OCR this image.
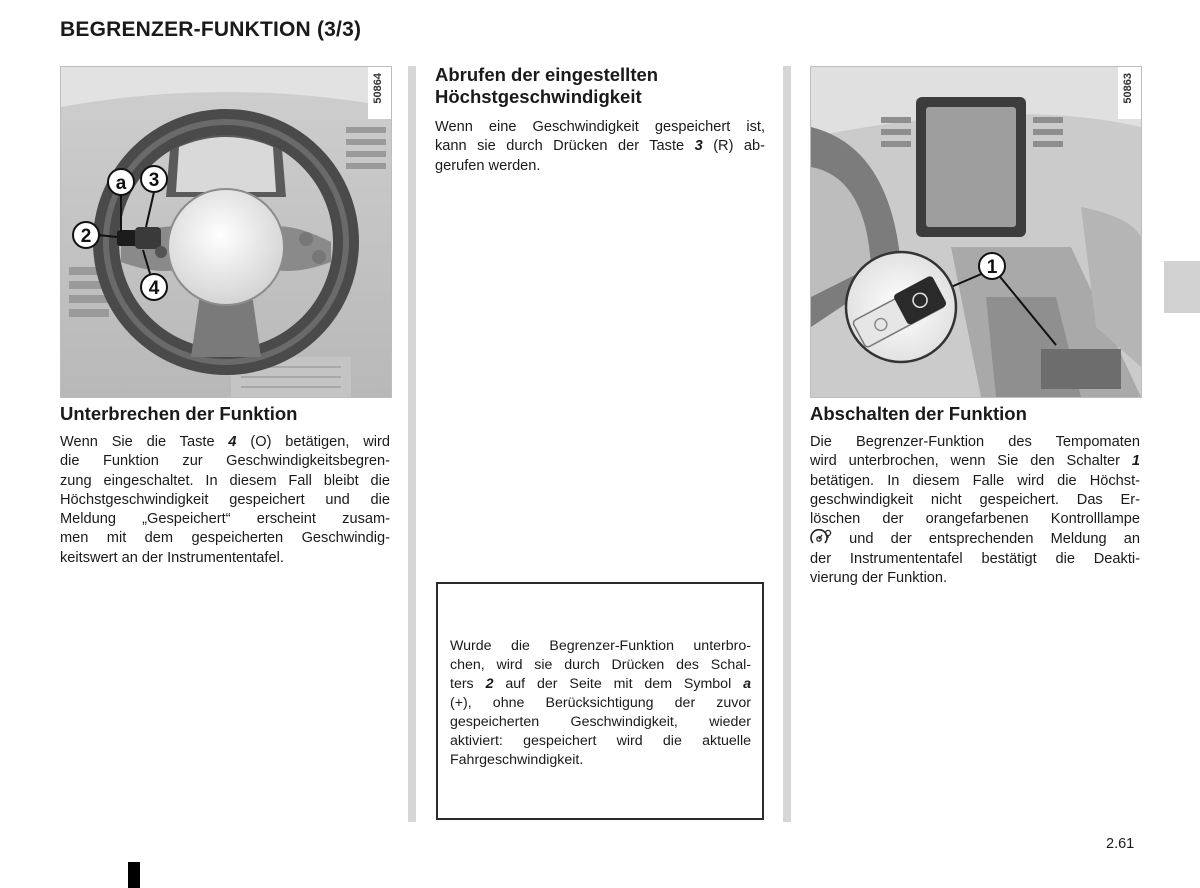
BEGRENZER-FUNKTION (3/3)
a 3
2
4
50864
Unterbrechen der Funktion
Wenn Sie die Taste 4 (O) betätigen, wird
die Funktion zur Geschwindigkeitsbegren-
zung eingeschaltet. In diesem Fall bleibt die
Höchstgeschwindigkeit gespeichert und die
Meldung „Gespeichert“ erscheint zusam-
men mit dem gespeicherten Geschwindig-
keitswert an der Instrumententafel.
Abrufen der eingestellten
Höchstgeschwindigkeit
Wenn eine Geschwindigkeit gespeichert ist,
kann sie durch Drücken der Taste 3 (R) ab-
gerufen werden.
Wurde die Begrenzer-Funktion unterbro-
chen, wird sie durch Drücken des Schal-
ters 2 auf der Seite mit dem Symbol a
(+), ohne Berücksichtigung der zuvor
gespeicherten Geschwindigkeit, wieder
aktiviert: gespeichert wird die aktuelle
Fahrgeschwindigkeit.
1
50863
Abschalten der Funktion
Die Begrenzer-Funktion des Tempomaten
wird unterbrochen, wenn Sie den Schalter 1
betätigen. In diesem Falle wird die Höchst-
geschwindigkeit nicht gespeichert. Das Er-
löschen der orangefarbenen Kontrolllampe
und der entsprechenden Meldung an
der Instrumententafel bestätigt die Deakti-
vierung der Funktion.
2.61
